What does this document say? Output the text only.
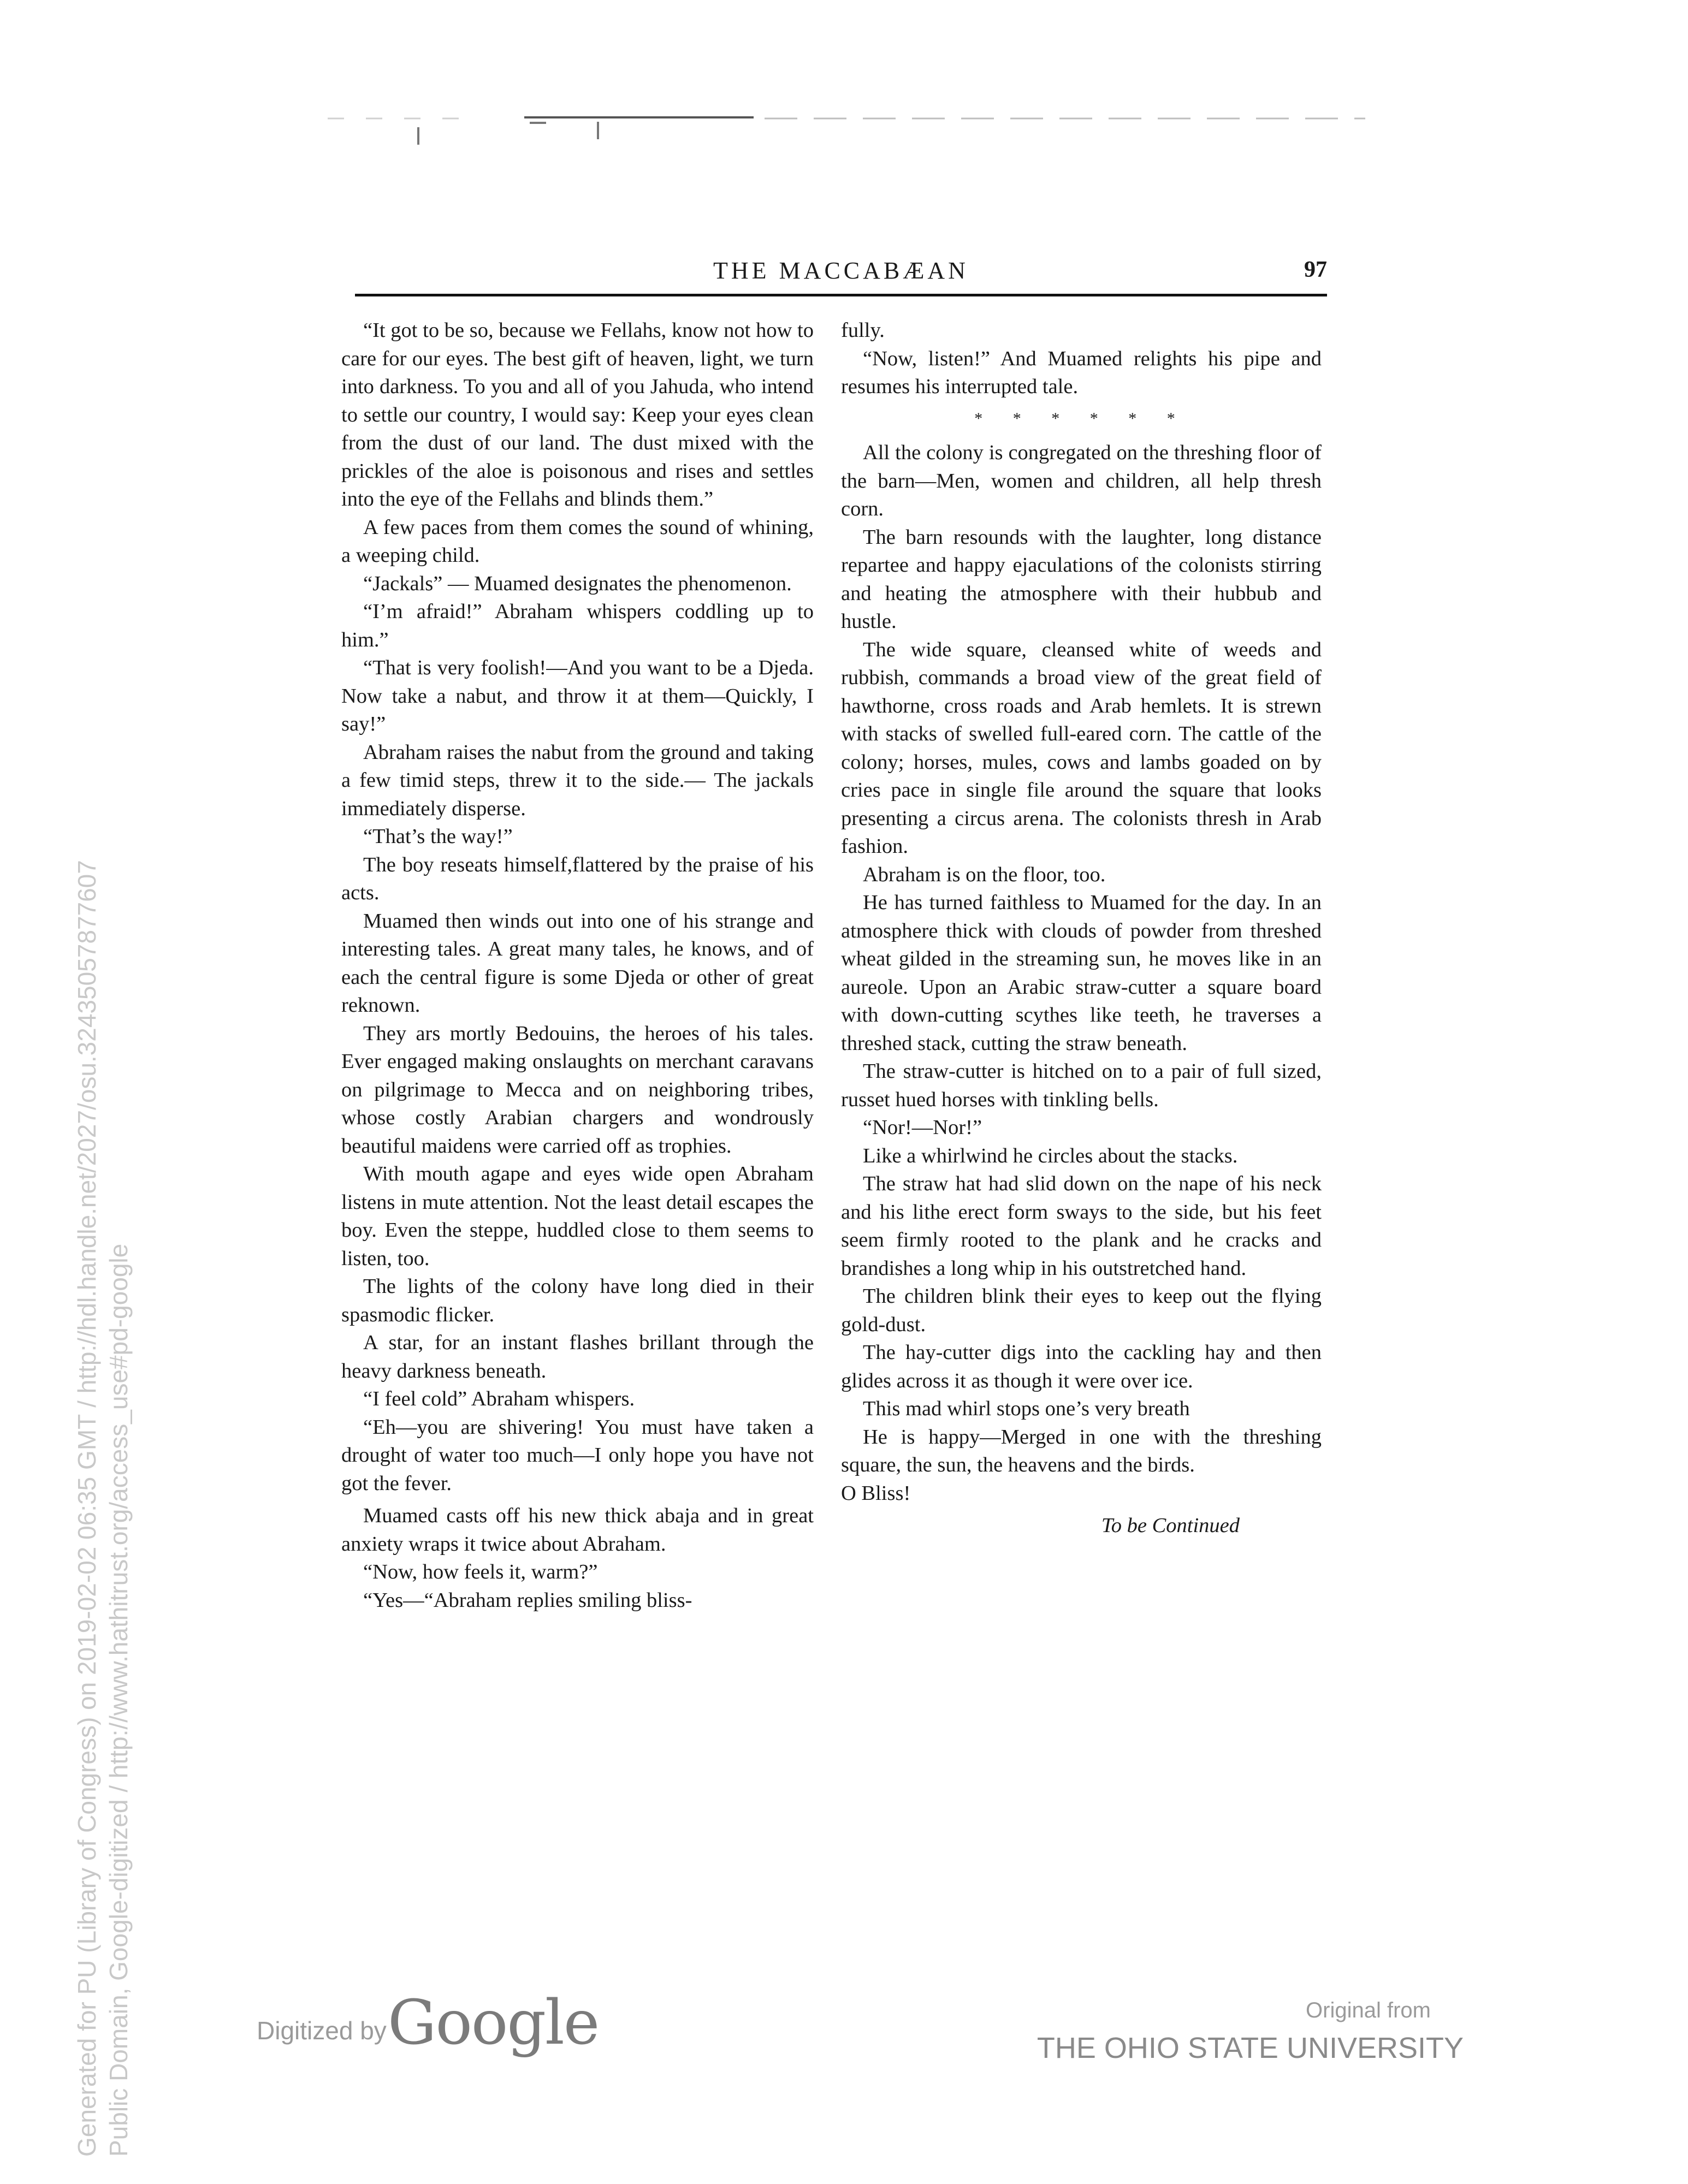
THE MACCABÆAN	97

“It got to be so, because we Fellahs, know not how to care for our eyes. The best gift of heaven, light, we turn into darkness. To you and all of you Jahuda, who intend to settle our country, I would say: Keep your eyes clean from the dust of our land. The dust mixed with the prickles of the aloe is poisonous and rises and settles into the eye of the Fellahs and blinds them.”

A few paces from them comes the sound of whining, a weeping child.

“Jackals” — Muamed designates the phenomenon.

“I’m afraid!” Abraham whispers coddling up to him.”

“That is very foolish!—And you want to be a Djeda. Now take a nabut, and throw it at them—Quickly, I say!”

Abraham raises the nabut from the ground and taking a few timid steps, threw it to the side.— The jackals immediately disperse.

“That’s the way!”

The boy reseats himself,flattered by the praise of his acts.

Muamed then winds out into one of his strange and interesting tales. A great many tales, he knows, and of each the central figure is some Djeda or other of great reknown.

They ars mortly Bedouins, the heroes of his tales. Ever engaged making onslaughts on merchant caravans on pilgrimage to Mecca and on neighboring tribes, whose costly Arabian chargers and wondrously beautiful maidens were carried off as trophies.

With mouth agape and eyes wide open Abraham listens in mute attention. Not the least detail escapes the boy. Even the steppe, huddled close to them seems to listen, too.

The lights of the colony have long died in their spasmodic flicker.

A star, for an instant flashes brillant through the heavy darkness beneath.

“I feel cold” Abraham whispers.

“Eh—you are shivering! You must have taken a drought of water too much—I only hope you have not got the fever.

Muamed casts off his new thick abaja and in great anxiety wraps it twice about Abraham.

“Now, how feels it, warm?”

“Yes—“Abraham replies smiling bliss-

fully.

“Now, listen!” And Muamed relights his pipe and resumes his interrupted tale.

* * * * * *

All the colony is congregated on the threshing floor of the barn—Men, women and children, all help thresh corn.

The barn resounds with the laughter, long distance repartee and happy ejaculations of the colonists stirring and heating the atmosphere with their hubbub and hustle.

The wide square, cleansed white of weeds and rubbish, commands a broad view of the great field of hawthorne, cross roads and Arab hemlets. It is strewn with stacks of swelled full-eared corn. The cattle of the colony; horses, mules, cows and lambs goaded on by cries pace in single file around the square that looks presenting a circus arena. The colonists thresh in Arab fashion.

Abraham is on the floor, too.

He has turned faithless to Muamed for the day. In an atmosphere thick with clouds of powder from threshed wheat gilded in the streaming sun, he moves like in an aureole. Upon an Arabic straw-cutter a square board with down-cutting scythes like teeth, he traverses a threshed stack, cutting the straw beneath.

The straw-cutter is hitched on to a pair of full sized, russet hued horses with tinkling bells.

“Nor!—Nor!”

Like a whirlwind he circles about the stacks.

The straw hat had slid down on the nape of his neck and his lithe erect form sways to the side, but his feet seem firmly rooted to the plank and he cracks and brandishes a long whip in his outstretched hand.

The children blink their eyes to keep out the flying gold-dust.

The hay-cutter digs into the cackling hay and then glides across it as though it were over ice.

This mad whirl stops one’s very breath

He is happy—Merged in one with the threshing square, the sun, the heavens and the birds.

O Bliss!

To be Continued
Generated for PU (Library of Congress) on 2019-02-02 06:35 GMT / http://hdl.handle.net/2027/osu.32435057877607 Public Domain, Google-digitized / http://www.hathitrust.org/access_use#pd-google	Digitized by Google	Original from
THE OHIO STATE UNIVERSITY
